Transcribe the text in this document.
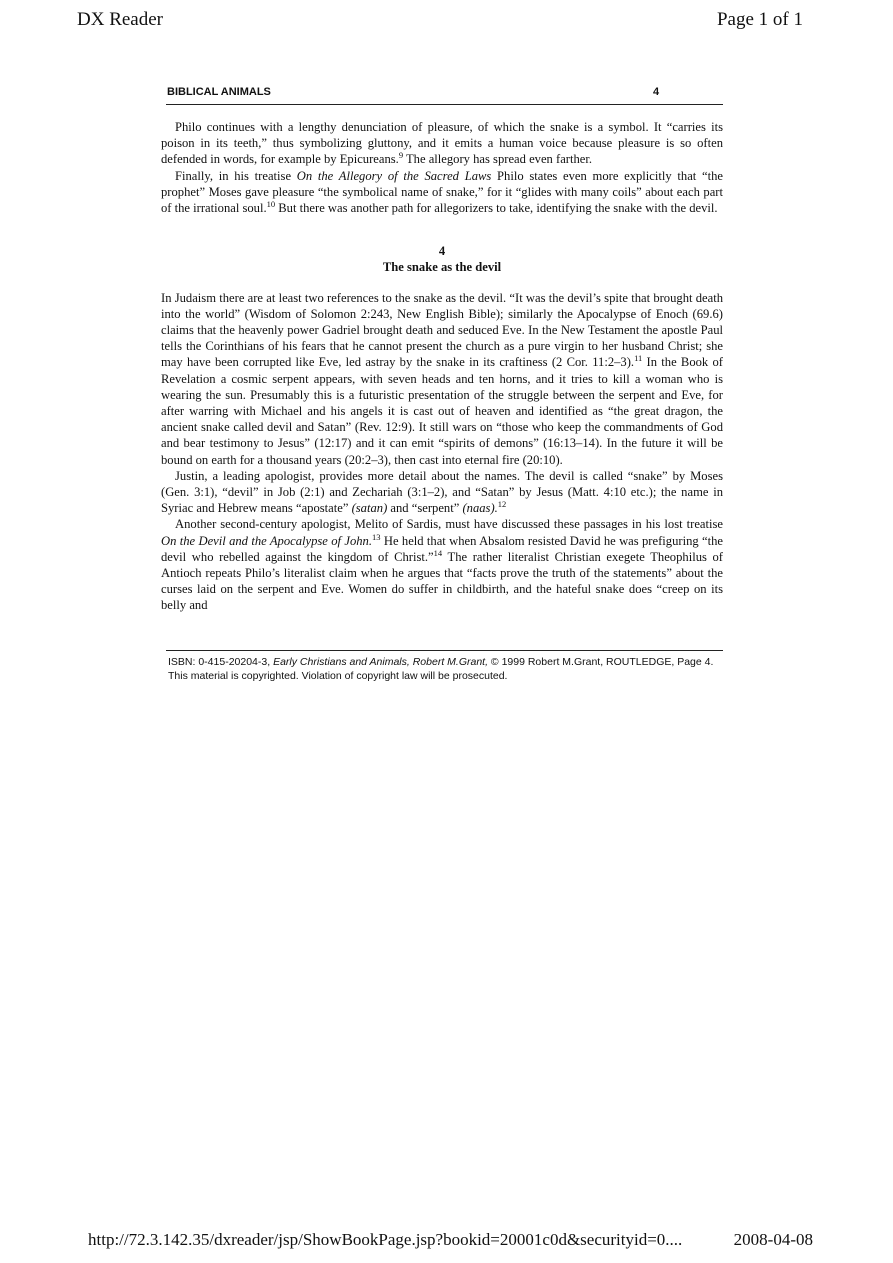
DX Reader	Page 1 of 1
BIBLICAL ANIMALS	4

Philo continues with a lengthy denunciation of pleasure, of which the snake is a symbol. It “carries its poison in its teeth,” thus symbolizing gluttony, and it emits a human voice because pleasure is so often defended in words, for example by Epicureans.$^9$ The allegory has spread even farther.

Finally, in his treatise On the Allegory of the Sacred Laws Philo states even more explicitly that “the prophet” Moses gave pleasure “the symbolical name of snake,” for it “glides with many coils” about each part of the irrational soul.$^{10}$ But there was another path for allegorizers to take, identifying the snake with the devil.

4
The snake as the devil

In Judaism there are at least two references to the snake as the devil. “It was the devil’s spite that brought death into the world” (Wisdom of Solomon 2:243, New English Bible); similarly the Apocalypse of Enoch (69.6) claims that the heavenly power Gadriel brought death and seduced Eve. In the New Testament the apostle Paul tells the Corinthians of his fears that he cannot present the church as a pure virgin to her husband Christ; she may have been corrupted like Eve, led astray by the snake in its craftiness (2 Cor. 11:2–3).$^{11}$ In the Book of Revelation a cosmic serpent appears, with seven heads and ten horns, and it tries to kill a woman who is wearing the sun. Presumably this is a futuristic presentation of the struggle between the serpent and Eve, for after warring with Michael and his angels it is cast out of heaven and identified as “the great dragon, the ancient snake called devil and Satan” (Rev. 12:9). It still wars on “those who keep the commandments of God and bear testimony to Jesus” (12:17) and it can emit “spirits of demons” (16:13–14). In the future it will be bound on earth for a thousand years (20:2–3), then cast into eternal fire (20:10).

Justin, a leading apologist, provides more detail about the names. The devil is called “snake” by Moses (Gen. 3:1), “devil” in Job (2:1) and Zechariah (3:1–2), and “Satan” by Jesus (Matt. 4:10 etc.); the name in Syriac and Hebrew means “apostate” (satan) and “serpent” (naas).$^{12}$

Another second-century apologist, Melito of Sardis, must have discussed these passages in his lost treatise On the Devil and the Apocalypse of John.$^{13}$ He held that when Absalom resisted David he was prefiguring “the devil who rebelled against the kingdom of Christ.”$^{14}$ The rather literalist Christian exegete Theophilus of Antioch repeats Philo’s literalist claim when he argues that “facts prove the truth of the statements” about the curses laid on the serpent and Eve. Women do suffer in childbirth, and the hateful snake does “creep on its belly and

ISBN: 0-415-20204-3, Early Christians and Animals, Robert M.Grant, © 1999 Robert M.Grant, ROUTLEDGE, Page 4.

This material is copyrighted. Violation of copyright law will be prosecuted.

http://72.3.142.35/dxreader/jsp/ShowBookPage.jsp?bookid=20001c0d&securityid=0....	2008-04-08
